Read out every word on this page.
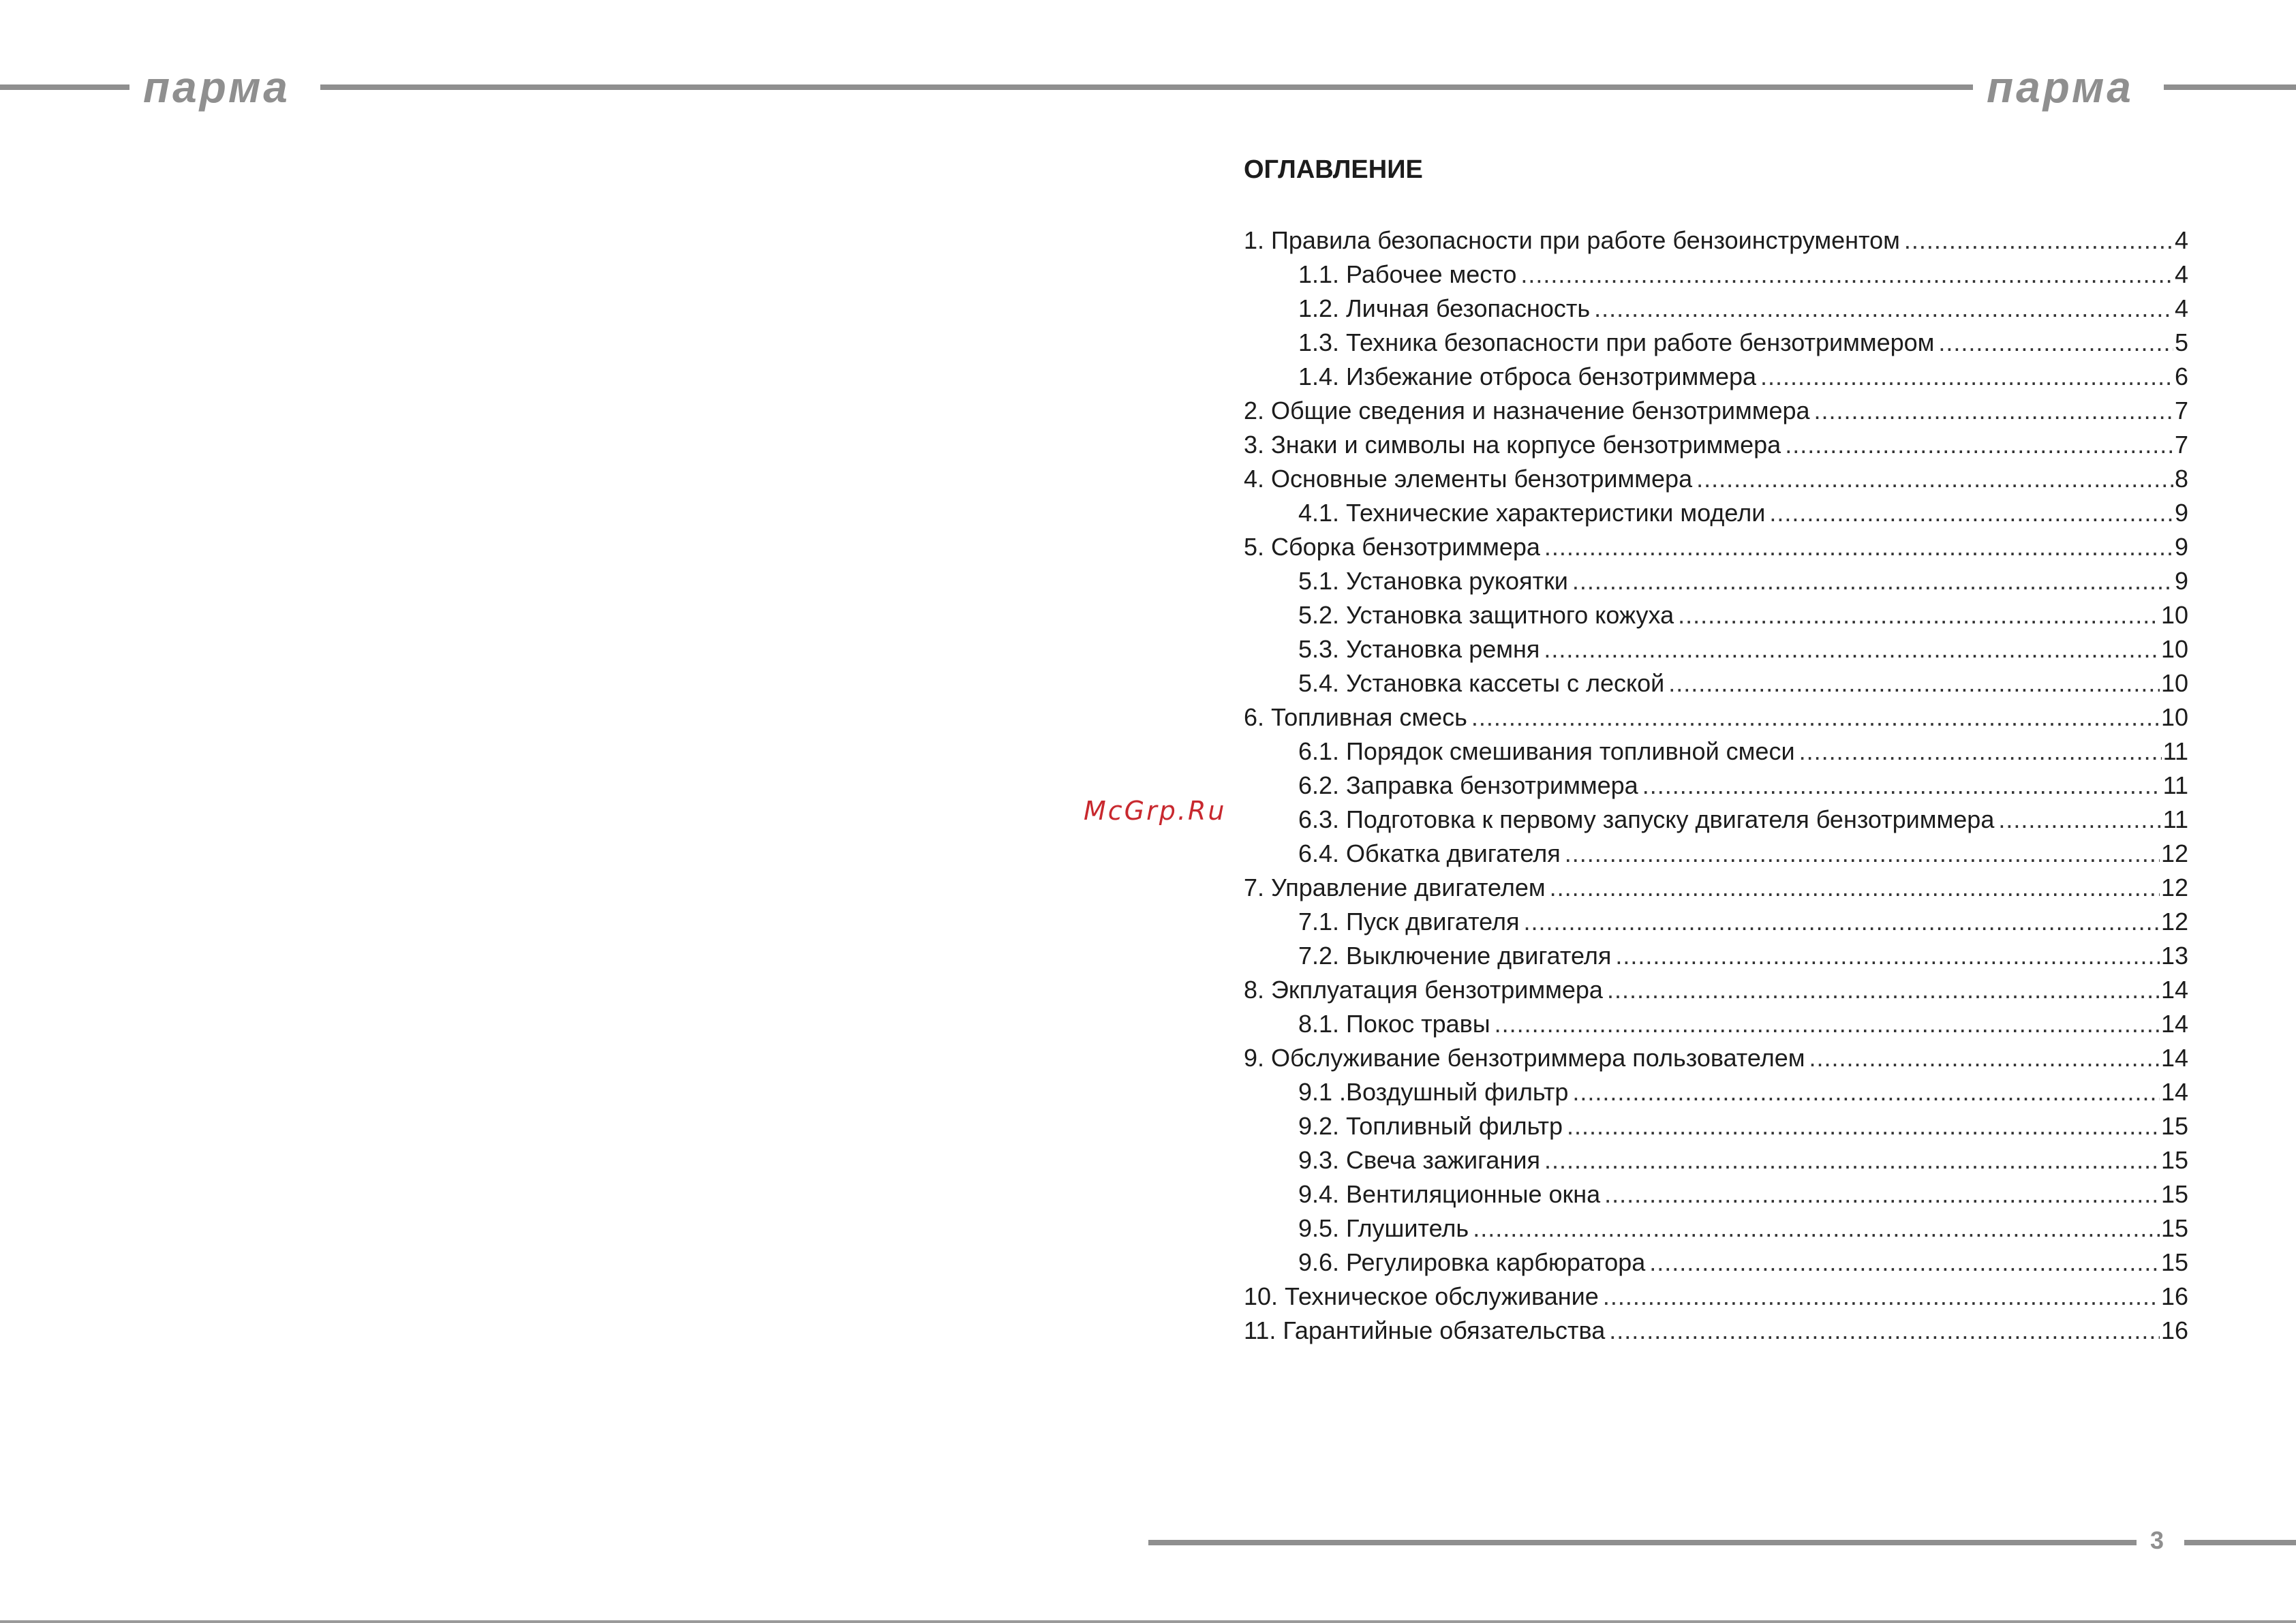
парма	парма
ОГЛАВЛЕНИЕ
1. Правила безопасности при работе бензоинструментом .....	4
1.1. Рабочее место .....	4
1.2. Личная безопасность .....	4
1.3. Техника безопасности при работе бензотриммером .....	5
1.4. Избежание отброса бензотриммера .....	6
2. Общие сведения и назначение бензотриммера .....	7
3. Знаки и символы на корпусе бензотриммера .....	7
4. Основные элементы бензотриммера .....	8
4.1. Технические характеристики модели .....	9
5. Сборка бензотриммера .....	9
5.1. Установка рукоятки .....	9
5.2. Установка защитного кожуха .....	10
5.3. Установка ремня .....	10
5.4. Установка кассеты с леской .....	10
6. Топливная смесь .....	10
6.1. Порядок смешивания топливной смеси .....	11
6.2. Заправка бензотриммера .....	11
6.3. Подготовка к первому запуску двигателя бензотриммера .....	11
6.4. Обкатка двигателя .....	12
7. Управление двигателем .....	12
7.1. Пуск двигателя .....	12
7.2. Выключение двигателя .....	13
8. Экплуатация бензотриммера .....	14
8.1. Покос травы .....	14
9. Обслуживание бензотриммера пользователем .....	14
9.1 .Воздушный фильтр .....	14
9.2. Топливный фильтр .....	15
9.3. Свеча зажигания .....	15
9.4. Вентиляционные окна .....	15
9.5. Глушитель .....	15
9.6. Регулировка карбюратора .....	15
10. Техническое обслуживание .....	16
11. Гарантийные обязательства .....	16
McGrp.Ru
3
